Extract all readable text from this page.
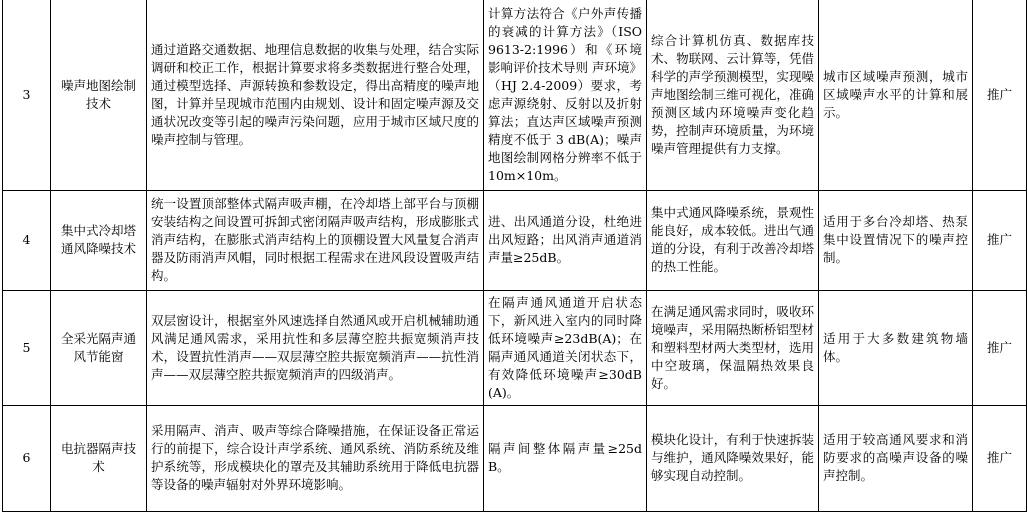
3	噪声地图绘制技术	通过道路交通数据、地理信息数据的收集与处理，结合实际调研和校正工作，根据计算要求将多类数据进行整合处理，通过模型选择、声源转换和参数设定，得出高精度的噪声地图，计算并呈现城市范围内由规划、设计和固定噪声源及交通状况改变等引起的噪声污染问题，应用于城市区域尺度的噪声控制与管理。	计算方法符合《户外声传播的衰减的计算方法》（ISO 9613-2:1996）和《环境影响评价技术导则 声环境》（HJ 2.4-2009）要求，考虑声源绕射、反射以及折射算法；直达声区域噪声预测精度不低于 3 dB(A)；噪声地图绘制网格分辨率不低于 10m×10m。	综合计算机仿真、数据库技术、物联网、云计算等，凭借科学的声学预测模型，实现噪声地图绘制三维可视化，准确预测区域内环境噪声变化趋势，控制声环境质量，为环境噪声管理提供有力支撑。	城市区域噪声预测，城市区域噪声水平的计算和展示。	推广
4	集中式冷却塔通风降噪技术	统一设置顶部整体式隔声吸声棚，在冷却塔上部平台与顶棚安装结构之间设置可拆卸式密闭隔声吸声结构，形成膨胀式消声结构，在膨胀式消声结构上的顶棚设置大风量复合消声器及防雨消声风帽，同时根据工程需求在进风段设置吸声结构。	进、出风通道分设，杜绝进出风短路；出风消声通道消声量≥25dB。	集中式通风降噪系统，景观性能良好，成本较低。进出气通道的分设，有利于改善冷却塔的热工性能。	适用于多台冷却塔、热泵集中设置情况下的噪声控制。	推广
5	全采光隔声通风节能窗	双层窗设计，根据室外风速选择自然通风或开启机械辅助通风满足通风需求，采用抗性和多层薄空腔共振宽频消声技术，设置抗性消声——双层薄空腔共振宽频消声——抗性消声——双层薄空腔共振宽频消声的四级消声。	在隔声通风通道开启状态下，新风进入室内的同时降低环境噪声≥23dB(A)；在隔声通风通道关闭状态下，有效降低环境噪声≥30dB(A)。	在满足通风需求同时，吸收环境噪声，采用隔热断桥铝型材和塑料型材两大类型材，选用中空玻璃，保温隔热效果良好。	适用于大多数建筑物墙体。	推广
6	电抗器隔声技术	采用隔声、消声、吸声等综合降噪措施，在保证设备正常运行的前提下，综合设计声学系统、通风系统、消防系统及维护系统等，形成模块化的罩壳及其辅助系统用于降低电抗器等设备的噪声辐射对外界环境影响。	隔声间整体隔声量≥25dB。	模块化设计，有利于快速拆装与维护，通风降噪效果好，能够实现自动控制。	适用于较高通风要求和消防要求的高噪声设备的噪声控制。	推广
